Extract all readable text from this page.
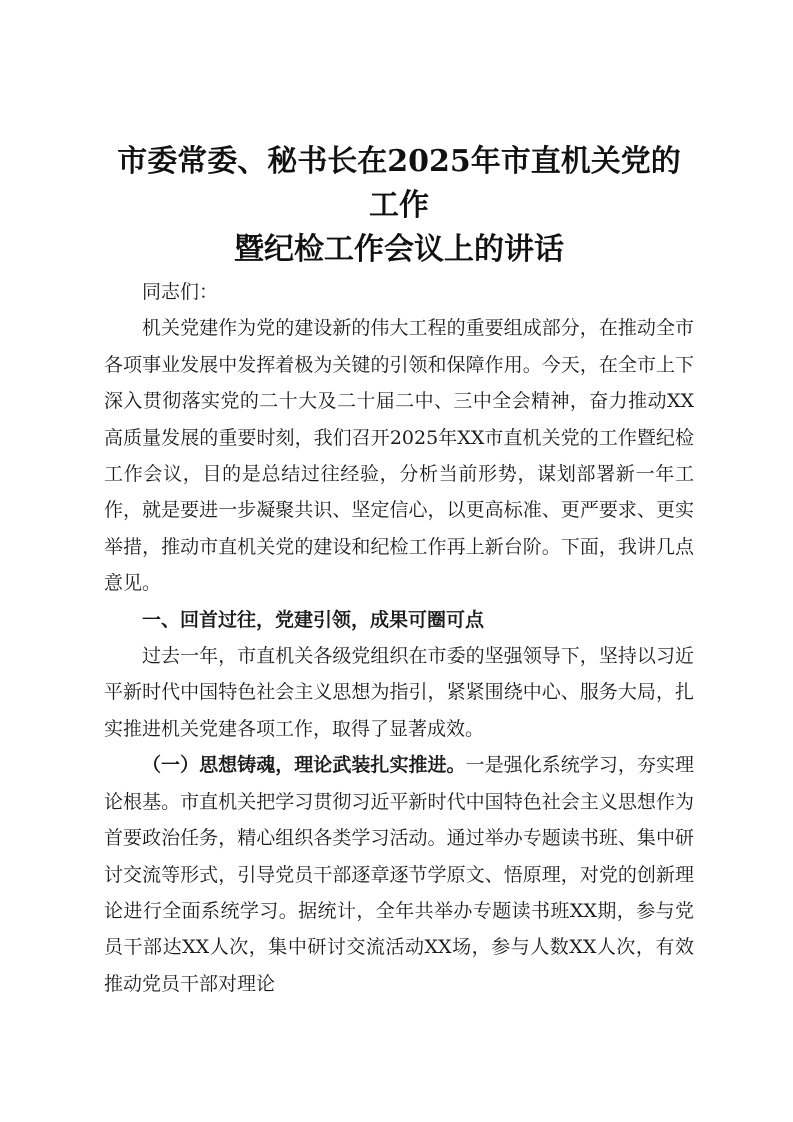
市委常委、秘书长在2025年市直机关党的工作
暨纪检工作会议上的讲话

同志们：

机关党建作为党的建设新的伟大工程的重要组成部分，在推动全市各项事业发展中发挥着极为关键的引领和保障作用。今天，在全市上下深入贯彻落实党的二十大及二十届二中、三中全会精神，奋力推动XX高质量发展的重要时刻，我们召开2025年XX市直机关党的工作暨纪检工作会议，目的是总结过往经验，分析当前形势，谋划部署新一年工作，就是要进一步凝聚共识、坚定信心，以更高标准、更严要求、更实举措，推动市直机关党的建设和纪检工作再上新台阶。下面，我讲几点意见。

一、回首过往，党建引领，成果可圈可点

过去一年，市直机关各级党组织在市委的坚强领导下，坚持以习近平新时代中国特色社会主义思想为指引，紧紧围绕中心、服务大局，扎实推进机关党建各项工作，取得了显著成效。

（一）思想铸魂，理论武装扎实推进。一是强化系统学习，夯实理论根基。市直机关把学习贯彻习近平新时代中国特色社会主义思想作为首要政治任务，精心组织各类学习活动。通过举办专题读书班、集中研讨交流等形式，引导党员干部逐章逐节学原文、悟原理，对党的创新理论进行全面系统学习。据统计，全年共举办专题读书班XX期，参与党员干部达XX人次，集中研讨交流活动XX场，参与人数XX人次，有效推动党员干部对理论
